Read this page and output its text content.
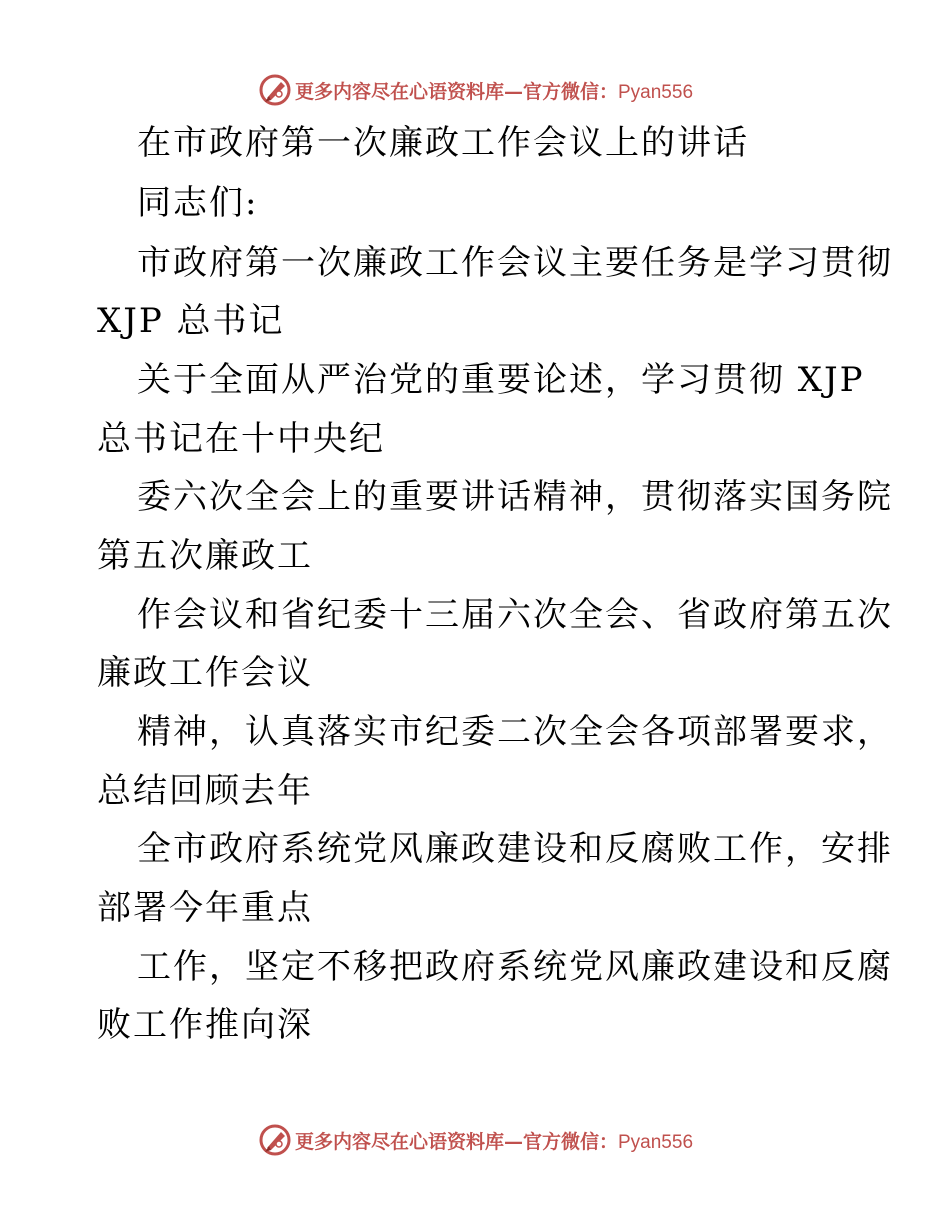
更多内容尽在心语资料库—官方微信：Pyan556
在市政府第一次廉政工作会议上的讲话
同志们:
市政府第一次廉政工作会议主要任务是学习贯彻
XJP 总书记
关于全面从严治党的重要论述，学习贯彻 XJP
总书记在十中央纪
委六次全会上的重要讲话精神，贯彻落实国务院
第五次廉政工
作会议和省纪委十三届六次全会、省政府第五次
廉政工作会议
精神，认真落实市纪委二次全会各项部署要求，
总结回顾去年
全市政府系统党风廉政建设和反腐败工作，安排
部署今年重点
工作，坚定不移把政府系统党风廉政建设和反腐
败工作推向深
更多内容尽在心语资料库—官方微信：Pyan556
